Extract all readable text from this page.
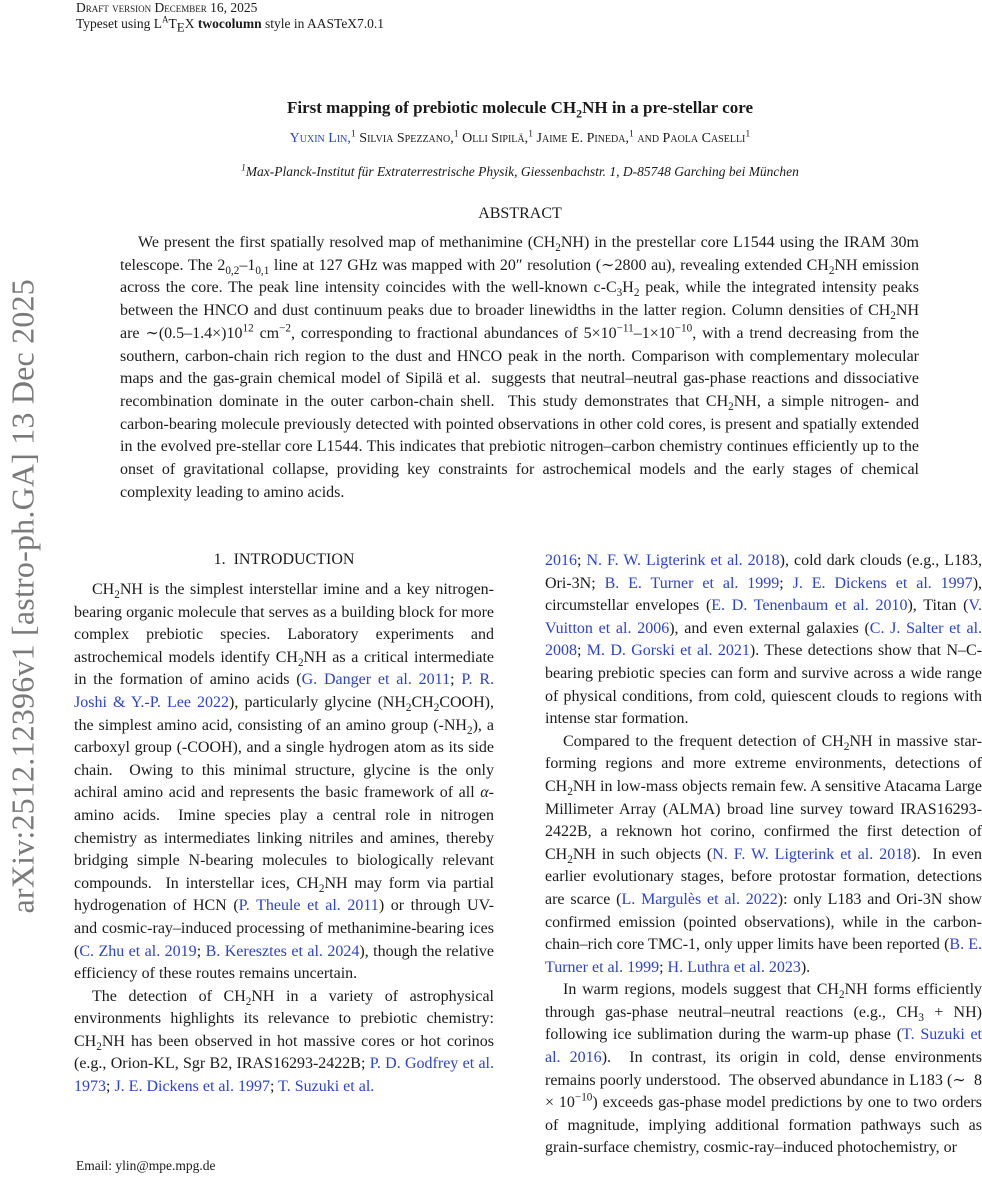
Draft version December 16, 2025
Typeset using $L^AT_EX$ twocolumn style in AASTeX7.0.1
arXiv:2512.12396v1 [astro-ph.GA] 13 Dec 2025
First mapping of prebiotic molecule $CH_2NH$ in a pre-stellar core
Yuxin Lin,$^1$ Silvia Spezzano,$^1$ Olli Sipilä,$^1$ Jaime E. Pineda,$^1$ and Paola Caselli$^1$
$^1$Max-Planck-Institut für Extraterrestrische Physik, Giessenbachstr. 1, D-85748 Garching bei München
ABSTRACT
We present the first spatially resolved map of methanimine $(CH_2NH)$ in the prestellar core L1544 using the IRAM 30m telescope. The $2_{0,2}-1_{0,1}$ line at 127 GHz was mapped with 20″ resolution (∼2800 au), revealing extended $CH_2NH$ emission across the core. The peak line intensity coincides with the well-known $c-C_3H_2$ peak, while the integrated intensity peaks between the HNCO and dust continuum peaks due to broader linewidths in the latter region. Column densities of $CH_2NH$ are $\sim(0.5-1.4\times)10^{12}$ $cm^{-2}$, corresponding to fractional abundances of $5\times 10^{-11}-1\times 10^{-10}$, with a trend decreasing from the southern, carbon-chain rich region to the dust and HNCO peak in the north. Comparison with complementary molecular maps and the gas-grain chemical model of Sipilä et al.  suggests that neutral–neutral gas-phase reactions and dissociative recombination dominate in the outer carbon-chain shell.  This study demonstrates that $CH_2NH$, a simple nitrogen- and carbon-bearing molecule previously detected with pointed observations in other cold cores, is present and spatially extended in the evolved pre-stellar core L1544. This indicates that prebiotic nitrogen–carbon chemistry continues efficiently up to the onset of gravitational collapse, providing key constraints for astrochemical models and the early stages of chemical complexity leading to amino acids.
1. INTRODUCTION

$CH_2NH$ is the simplest interstellar imine and a key nitrogen-bearing organic molecule that serves as a building block for more complex prebiotic species. Laboratory experiments and astrochemical models identify $CH_2NH$ as a critical intermediate in the formation of amino acids (G. Danger et al. 2011; P. R. Joshi & Y.-P. Lee 2022), particularly glycine $(NH_2CH_2COOH)$, the simplest amino acid, consisting of an amino group $(-NH_2)$, a carboxyl group (-COOH), and a single hydrogen atom as its side chain.  Owing to this minimal structure, glycine is the only achiral amino acid and represents the basic framework of all α-amino acids.  Imine species play a central role in nitrogen chemistry as intermediates linking nitriles and amines, thereby bridging simple N-bearing molecules to biologically relevant compounds.  In interstellar ices, $CH_2NH$ may form via partial hydrogenation of HCN (P. Theule et al. 2011) or through UV- and cosmic-ray–induced processing of methanimine-bearing ices (C. Zhu et al. 2019; B. Keresztes et al. 2024), though the relative efficiency of these routes remains uncertain.

The detection of $CH_2NH$ in a variety of astrophysical environments highlights its relevance to prebiotic chemistry: $CH_2NH$ has been observed in hot massive cores or hot corinos (e.g., Orion-KL, Sgr B2, IRAS16293-2422B; P. D. Godfrey et al. 1973; J. E. Dickens et al. 1997; T. Suzuki et al.

2016; N. F. W. Ligterink et al. 2018), cold dark clouds (e.g., L183, Ori-3N; B. E. Turner et al. 1999; J. E. Dickens et al. 1997), circumstellar envelopes (E. D. Tenenbaum et al. 2010), Titan (V. Vuitton et al. 2006), and even external galaxies (C. J. Salter et al. 2008; M. D. Gorski et al. 2021). These detections show that N–C-bearing prebiotic species can form and survive across a wide range of physical conditions, from cold, quiescent clouds to regions with intense star formation.

Compared to the frequent detection of $CH_2NH$ in massive star-forming regions and more extreme environments, detections of $CH_2NH$ in low-mass objects remain few. A sensitive Atacama Large Millimeter Array (ALMA) broad line survey toward IRAS16293-2422B, a reknown hot corino, confirmed the first detection of $CH_2NH$ in such objects (N. F. W. Ligterink et al. 2018).  In even earlier evolutionary stages, before protostar formation, detections are scarce (L. Margulès et al. 2022): only L183 and Ori-3N show confirmed emission (pointed observations), while in the carbon-chain–rich core TMC-1, only upper limits have been reported (B. E. Turner et al. 1999; H. Luthra et al. 2023).

In warm regions, models suggest that $CH_2NH$ forms efficiently through gas-phase neutral–neutral reactions (e.g., $CH_3 + NH$) following ice sublimation during the warm-up phase (T. Suzuki et al. 2016).  In contrast, its origin in cold, dense environments remains poorly understood.  The observed abundance in L183 (∼  $8 \times 10^{-10}$) exceeds gas-phase model predictions by one to two orders of magnitude, implying additional formation pathways such as grain-surface chemistry, cosmic-ray–induced photochemistry, or

Email: ylin@mpe.mpg.de
